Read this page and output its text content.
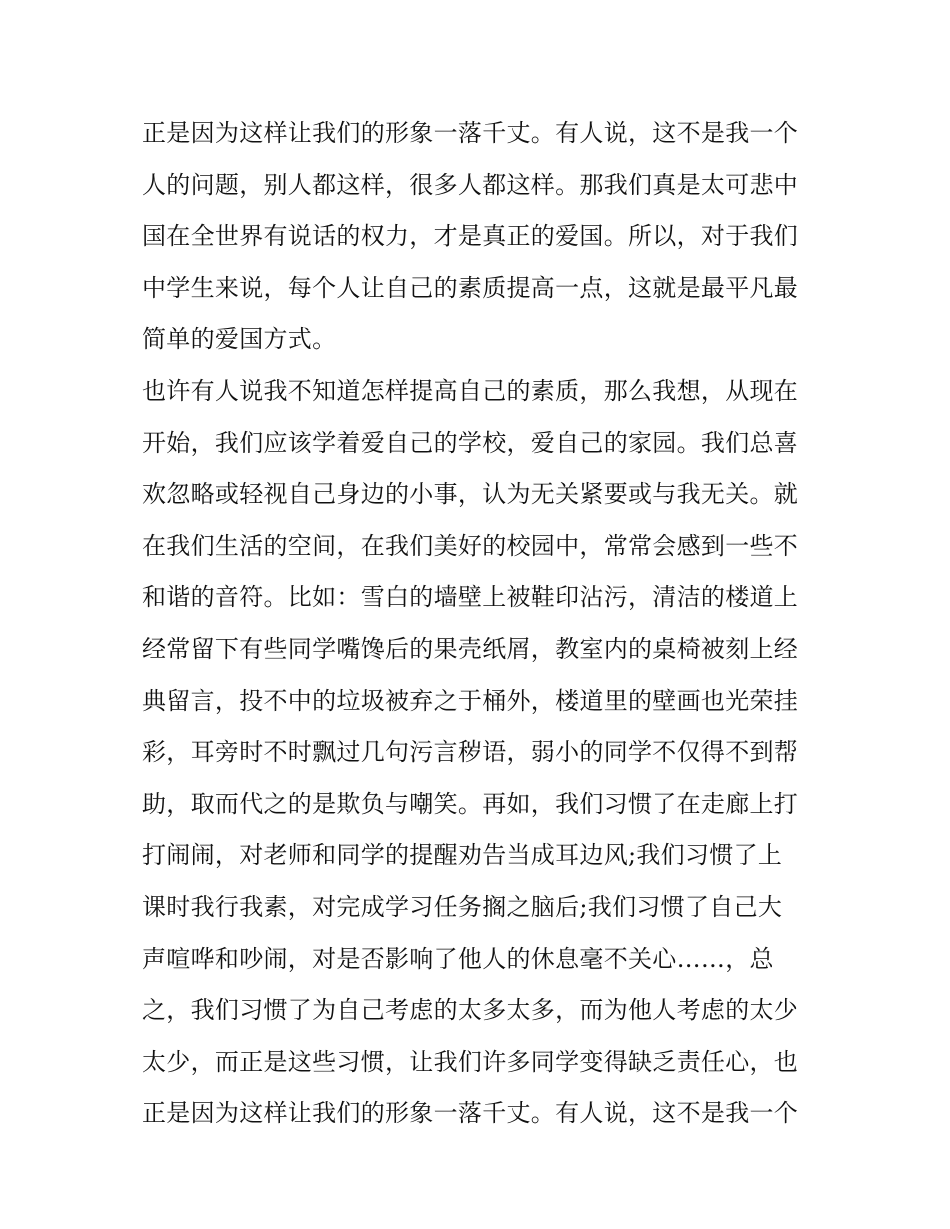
正是因为这样让我们的形象一落千丈。有人说，这不是我一个
人的问题，别人都这样，很多人都这样。那我们真是太可悲中
国在全世界有说话的权力，才是真正的爱国。所以，对于我们
中学生来说，每个人让自己的素质提高一点，这就是最平凡最
简单的爱国方式。
也许有人说我不知道怎样提高自己的素质，那么我想，从现在
开始，我们应该学着爱自己的学校，爱自己的家园。我们总喜
欢忽略或轻视自己身边的小事，认为无关紧要或与我无关。就
在我们生活的空间，在我们美好的校园中，常常会感到一些不
和谐的音符。比如：雪白的墙壁上被鞋印沾污，清洁的楼道上
经常留下有些同学嘴馋后的果壳纸屑，教室内的桌椅被刻上经
典留言，投不中的垃圾被弃之于桶外，楼道里的壁画也光荣挂
彩，耳旁时不时飘过几句污言秽语，弱小的同学不仅得不到帮
助，取而代之的是欺负与嘲笑。再如，我们习惯了在走廊上打
打闹闹，对老师和同学的提醒劝告当成耳边风;我们习惯了上
课时我行我素，对完成学习任务搁之脑后;我们习惯了自己大
声喧哗和吵闹，对是否影响了他人的休息毫不关心……，总
之，我们习惯了为自己考虑的太多太多，而为他人考虑的太少
太少，而正是这些习惯，让我们许多同学变得缺乏责任心，也
正是因为这样让我们的形象一落千丈。有人说，这不是我一个
